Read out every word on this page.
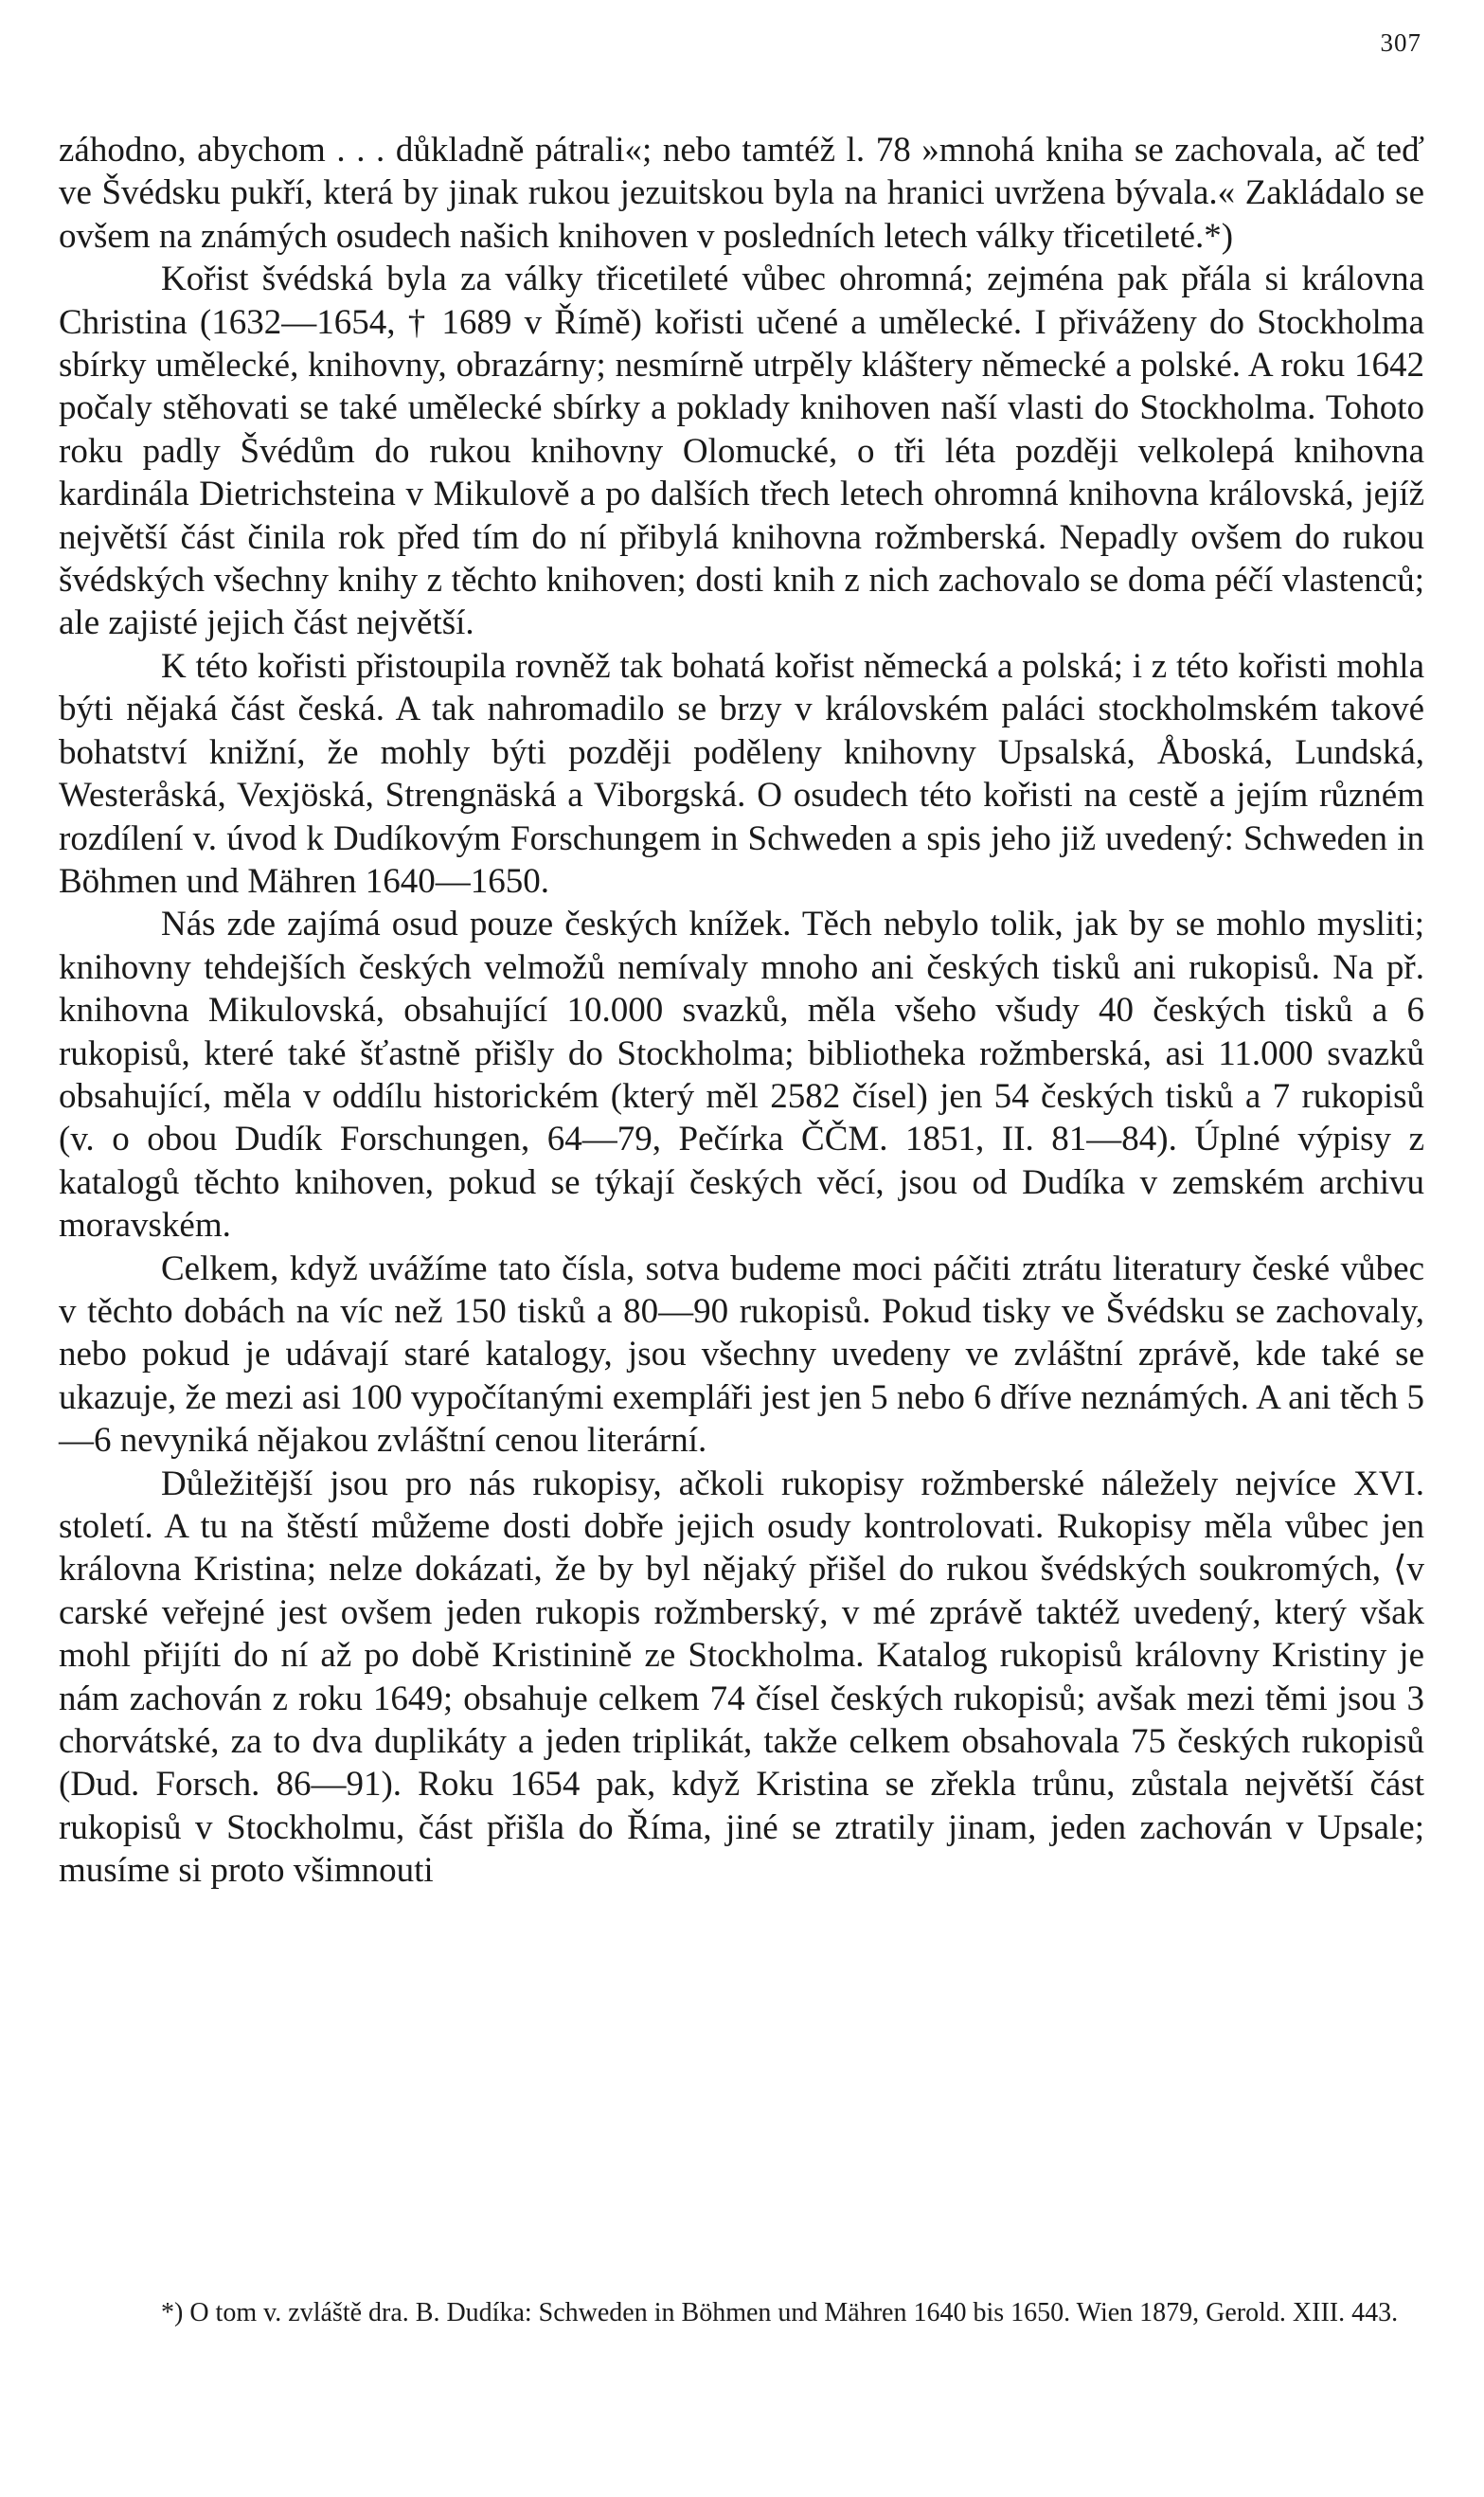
307

záhodno, abychom . . . důkladně pátrali«; nebo tamtéž l. 78 »mnohá kniha se zachovala, ač teď ve Švédsku pukří, která by jinak rukou jezuitskou byla na hranici uvržena bývala.« Zakládalo se ovšem na známých osudech našich knihoven v posledních letech války třicetileté.*)

Kořist švédská byla za války třicetileté vůbec ohromná; zejména pak přála si královna Christina (1632—1654, † 1689 v Římě) kořisti učené a umělecké. I přiváženy do Stockholma sbírky umělecké, knihovny, obrazárny; nesmírně utrpěly kláštery německé a polské. A roku 1642 počaly stěhovati se také umělecké sbírky a poklady knihoven naší vlasti do Stockholma. Tohoto roku padly Švédům do rukou knihovny Olomucké, o tři léta později velkolepá knihovna kardinála Dietrichsteina v Mikulově a po dalších třech letech ohromná knihovna královská, jejíž největší část činila rok před tím do ní přibylá knihovna rožmberská. Nepadly ovšem do rukou švédských všechny knihy z těchto knihoven; dosti knih z nich zachovalo se doma péčí vlastenců; ale zajisté jejich část největší.

K této kořisti přistoupila rovněž tak bohatá kořist německá a polská; i z této kořisti mohla býti nějaká část česká. A tak nahromadilo se brzy v královském paláci stockholmském takové bohatství knižní, že mohly býti později poděleny knihovny Upsalská, Åboská, Lundská, Westeråská, Vexjöská, Strengnäská a Viborgská. O osudech této kořisti na cestě a jejím různém rozdílení v. úvod k Dudíkovým Forschungem in Schweden a spis jeho již uvedený: Schweden in Böhmen und Mähren 1640—1650.

Nás zde zajímá osud pouze českých knížek. Těch nebylo tolik, jak by se mohlo mysliti; knihovny tehdejších českých velmožů nemívaly mnoho ani českých tisků ani rukopisů. Na př. knihovna Mikulovská, obsahující 10.000 svazků, měla všeho všudy 40 českých tisků a 6 rukopisů, které také šťastně přišly do Stockholma; bibliotheka rožmberská, asi 11.000 svazků obsahující, měla v oddílu historickém (který měl 2582 čísel) jen 54 českých tisků a 7 rukopisů (v. o obou Dudík Forschungen, 64—79, Pečírka ČČM. 1851, II. 81—84). Úplné výpisy z katalogů těchto knihoven, pokud se týkají českých věcí, jsou od Dudíka v zemském archivu moravském.

Celkem, když uvážíme tato čísla, sotva budeme moci páčiti ztrátu literatury české vůbec v těchto dobách na víc než 150 tisků a 80—90 rukopisů. Pokud tisky ve Švédsku se zachovaly, nebo pokud je udávají staré katalogy, jsou všechny uvedeny ve zvláštní zprávě, kde také se ukazuje, že mezi asi 100 vypočítanými exempláři jest jen 5 nebo 6 dříve neznámých. A ani těch 5—6 nevyniká nějakou zvláštní cenou literární.

Důležitější jsou pro nás rukopisy, ačkoli rukopisy rožmberské náležely nejvíce XVI. století. A tu na štěstí můžeme dosti dobře jejich osudy kontrolovati. Rukopisy měla vůbec jen královna Kristina; nelze dokázati, že by byl nějaký přišel do rukou švédských soukromých, ⟨v carské veřejné jest ovšem jeden rukopis rožmberský, v mé zprávě taktéž uvedený, který však mohl přijíti do ní až po době Kristinině ze Stockholma. Katalog rukopisů královny Kristiny je nám zachován z roku 1649; obsahuje celkem 74 čísel českých rukopisů; avšak mezi těmi jsou 3 chorvátské, za to dva duplikáty a jeden triplikát, takže celkem obsahovala 75 českých rukopisů (Dud. Forsch. 86—91). Roku 1654 pak, když Kristina se zřekla trůnu, zůstala největší část rukopisů v Stockholmu, část přišla do Říma, jiné se ztratily jinam, jeden zachován v Upsale; musíme si proto všimnouti

*) O tom v. zvláště dra. B. Dudíka: Schweden in Böhmen und Mähren 1640 bis 1650. Wien 1879, Gerold. XIII. 443.
